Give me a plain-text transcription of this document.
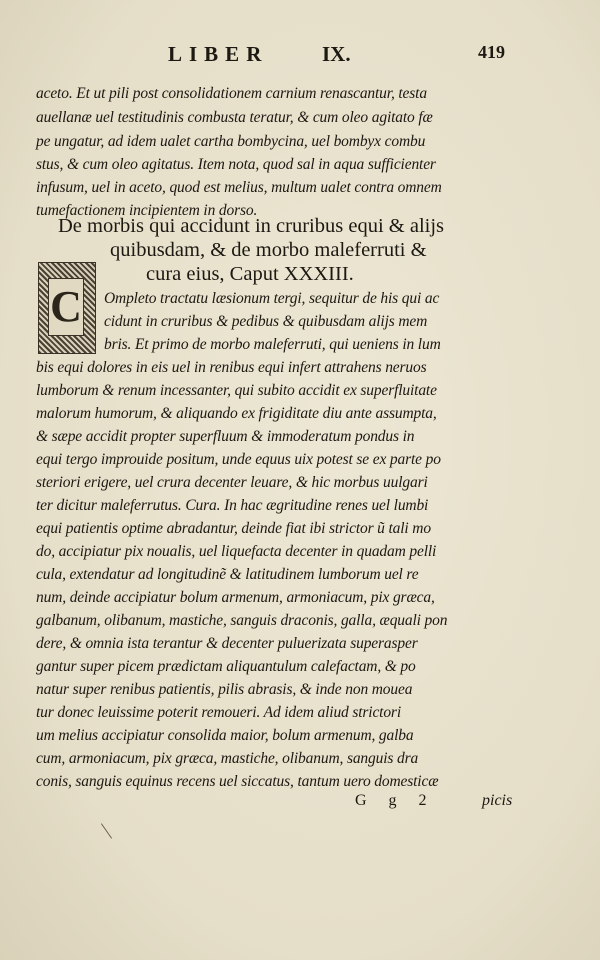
LIBER	IX.	419
aceto. Et ut pili post consolidationem carnium renascantur, testa
auellanæ uel testitudinis combusta teratur, & cum oleo agitato fæ
pe ungatur, ad idem ualet cartha bombycina, uel bombyx combu
stus, & cum oleo agitatus. Item nota, quod sal in aqua sufficienter
infusum, uel in aceto, quod est melius, multum ualet contra omnem
tumefactionem incipientem in dorso.
De morbis qui accidunt in cruribus equi & alijs
quibusdam, & de morbo maleferruti &
cura eius, Caput XXXIII.
C Ompleto tractatu læsionum tergi, sequitur de his qui ac
cidunt in cruribus & pedibus & quibusdam alijs mem
bris. Et primo de morbo maleferruti, qui ueniens in lum
bis equi dolores in eis uel in renibus equi infert attrahens neruos
lumborum & renum incessanter, qui subito accidit ex superfluitate
malorum humorum, & aliquando ex frigiditate diu ante assumpta,
& sæpe accidit propter superfluum & immoderatum pondus in
equi tergo improuide positum, unde equus uix potest se ex parte po
steriori erigere, uel crura decenter leuare, & hic morbus uulgari
ter dicitur maleferrutus. Cura. In hac ægritudine renes uel lumbi
equi patientis optime abradantur, deinde fiat ibi strictor ũ tali mo
do, accipiatur pix noualis, uel liquefacta decenter in quadam pelli
cula, extendatur ad longitudinẽ & latitudinem lumborum uel re
num, deinde accipiatur bolum armenum, armoniacum, pix græca,
galbanum, olibanum, mastiche, sanguis draconis, galla, æquali pon
dere, & omnia ista terantur & decenter puluerizata superasper
gantur super picem prædictam aliquantulum calefactam, & po
natur super renibus patientis, pilis abrasis, & inde non moueа
tur donec leuissime poterit remoueri. Ad idem aliud strictori
um melius accipiatur consolida maior, bolum armenum, galba
cum, armoniacum, pix græca, mastiche, olibanum, sanguis dra
conis, sanguis equinus recens uel siccatus, tantum uero domesticæ
G g 2	picis
